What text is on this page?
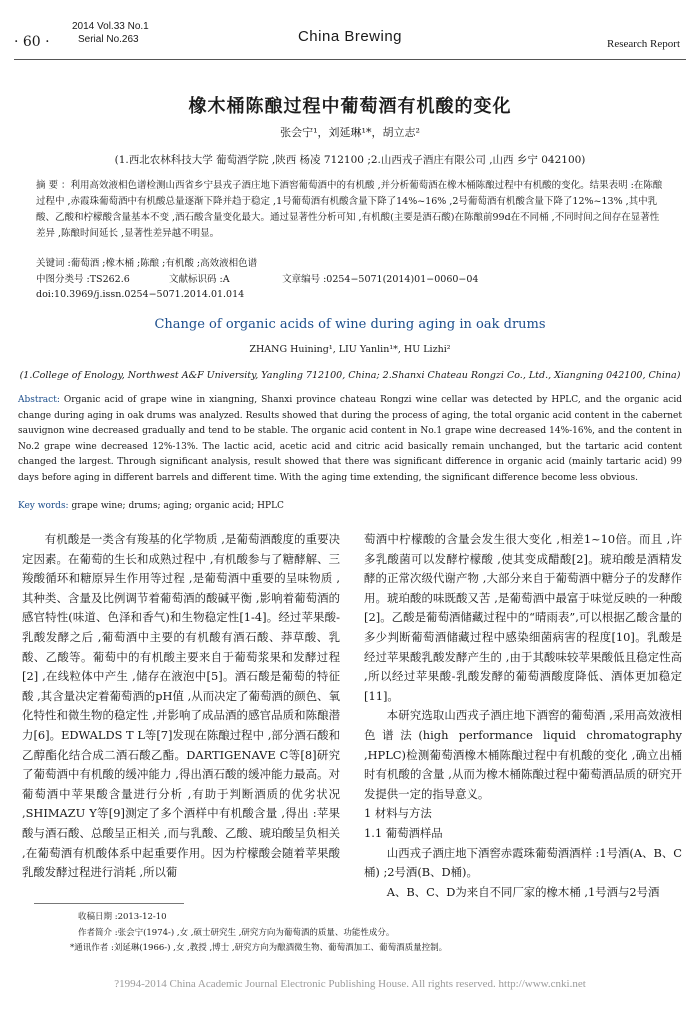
· 60 ·
2014 Vol.33 No.1
Serial No.263	China Brewing	Research Report
橡木桶陈酿过程中葡萄酒有机酸的变化
张会宁¹，刘延琳¹*，胡立志²
(1.西北农林科技大学 葡萄酒学院 ,陕西 杨凌 712100 ;2.山西戎子酒庄有限公司 ,山西 乡宁 042100)
摘 要 ：利用高效液相色谱检测山西省乡宁县戎子酒庄地下酒窖葡萄酒中的有机酸 ,并分析葡萄酒在橡木桶陈酿过程中有机酸的变化。结果表明 :在陈酿过程中 ,赤霞珠葡萄酒中有机酸总量逐渐下降并趋于稳定 ,1号葡萄酒有机酸含量下降了14%~16% ,2号葡萄酒有机酸含量下降了12%~13% ,其中乳酸、乙酸和柠檬酸含量基本不变 ,酒石酸含量变化最大。通过显著性分析可知 ,有机酸(主要是酒石酸)在陈酿前99d在不同桶 ,不同时间之间存在显著性差异 ,陈酿时间延长 ,显著性差异越不明显。
关键词 :葡萄酒 ;橡木桶 ;陈酿 ;有机酸 ;高效液相色谱
中图分类号 :TS262.6	文献标识码 :A	文章编号 :0254−5071(2014)01−0060−04
doi:10.3969/j.issn.0254−5071.2014.01.014
Change of organic acids of wine during aging in oak drums
ZHANG Huining¹, LIU Yanlin¹*, HU Lizhi²
(1.College of Enology, Northwest A&F University, Yangling 712100, China; 2.Shanxi Chateau Rongzi Co., Ltd., Xiangning 042100, China)
Abstract: Organic acid of grape wine in xiangning, Shanxi province chateau Rongzi wine cellar was detected by HPLC, and the organic acid change during aging in oak drums was analyzed. Results showed that during the process of aging, the total organic acid content in the cabernet sauvignon wine decreased gradually and tend to be stable. The organic acid content in No.1 grape wine decreased 14%-16%, and the content in No.2 grape wine decreased 12%-13%. The lactic acid, acetic acid and citric acid basically remain unchanged, but the tartaric acid content changed the largest. Through significant analysis, result showed that there was significant difference in organic acid (mainly tartaric acid) 99 days before aging in different barrels and different time. With the aging time extending, the significant difference become less obvious.
Key words: grape wine; drums; aging; organic acid; HPLC

有机酸是一类含有羧基的化学物质 ,是葡萄酒酸度的重要决定因素。在葡萄的生长和成熟过程中 ,有机酸参与了糖酵解、三羧酸循环和糖原异生作用等过程 ,是葡萄酒中重要的呈味物质 ,其种类、含量及比例调节着葡萄酒的酸碱平衡 ,影响着葡萄酒的感官特性(味道、色泽和香气)和生物稳定性[1-4]。经过苹果酸-乳酸发酵之后 ,葡萄酒中主要的有机酸有酒石酸、莽草酸、乳酸、乙酸等。葡萄中的有机酸主要来自于葡萄浆果和发酵过程[2] ,在线粒体中产生 ,储存在液泡中[5]。酒石酸是葡萄的特征酸 ,其含量决定着葡萄酒的pH值 ,从而决定了葡萄酒的颜色、氧化特性和微生物的稳定性 ,并影响了成品酒的感官品质和陈酿潜力[6]。EDWALDS T L等[7]发现在陈酿过程中 ,部分酒石酸和乙醇酯化结合成二酒石酸乙酯。DARTIGENAVE C等[8]研究了葡萄酒中有机酸的缓冲能力 ,得出酒石酸的缓冲能力最高。对葡萄酒中苹果酸含量进行分析 ,有助于判断酒质的优劣状况 ,SHIMAZU Y等[9]测定了多个酒样中有机酸含量 ,得出 :苹果酸与酒石酸、总酸呈正相关 ,而与乳酸、乙酸、琥珀酸呈负相关 ,在葡萄酒有机酸体系中起重要作用。因为柠檬酸会随着苹果酸乳酸发酵过程进行消耗 ,所以葡

萄酒中柠檬酸的含量会发生很大变化 ,相差1~10倍。而且 ,许多乳酸菌可以发酵柠檬酸 ,使其变成醋酸[2]。琥珀酸是酒精发酵的正常次级代谢产物 ,大部分来自于葡萄酒中糖分子的发酵作用。琥珀酸的味既酸又苦 ,是葡萄酒中最富于味觉反映的一种酸[2]。乙酸是葡萄酒储藏过程中的“晴雨表”,可以根据乙酸含量的多少判断葡萄酒储藏过程中感染细菌病害的程度[10]。乳酸是经过苹果酸乳酸发酵产生的 ,由于其酸味较苹果酸低且稳定性高 ,所以经过苹果酸-乳酸发酵的葡萄酒酸度降低、酒体更加稳定[11]。

本研究选取山西戎子酒庄地下酒窖的葡萄酒 ,采用高效液相色谱法(high performance liquid chromatography ,HPLC)检测葡萄酒橡木桶陈酿过程中有机酸的变化 ,确立出桶时有机酸的含量 ,从而为橡木桶陈酿过程中葡萄酒品质的研究开发提供一定的指导意义。

1 材料与方法

1.1 葡萄酒样品

山西戎子酒庄地下酒窖赤霞珠葡萄酒酒样 :1号酒(A、B、C桶) ;2号酒(B、D桶)。

A、B、C、D为来自不同厂家的橡木桶 ,1号酒与2号酒

收稿日期 :2013-12-10
作者简介 :张会宁(1974-) ,女 ,硕士研究生 ,研究方向为葡萄酒的质量、功能性成分。
*通讯作者 :刘延琳(1966-) ,女 ,教授 ,博士 ,研究方向为酿酒微生物、葡萄酒加工、葡萄酒质量控制。
?1994-2014 China Academic Journal Electronic Publishing House. All rights reserved. http://www.cnki.net
